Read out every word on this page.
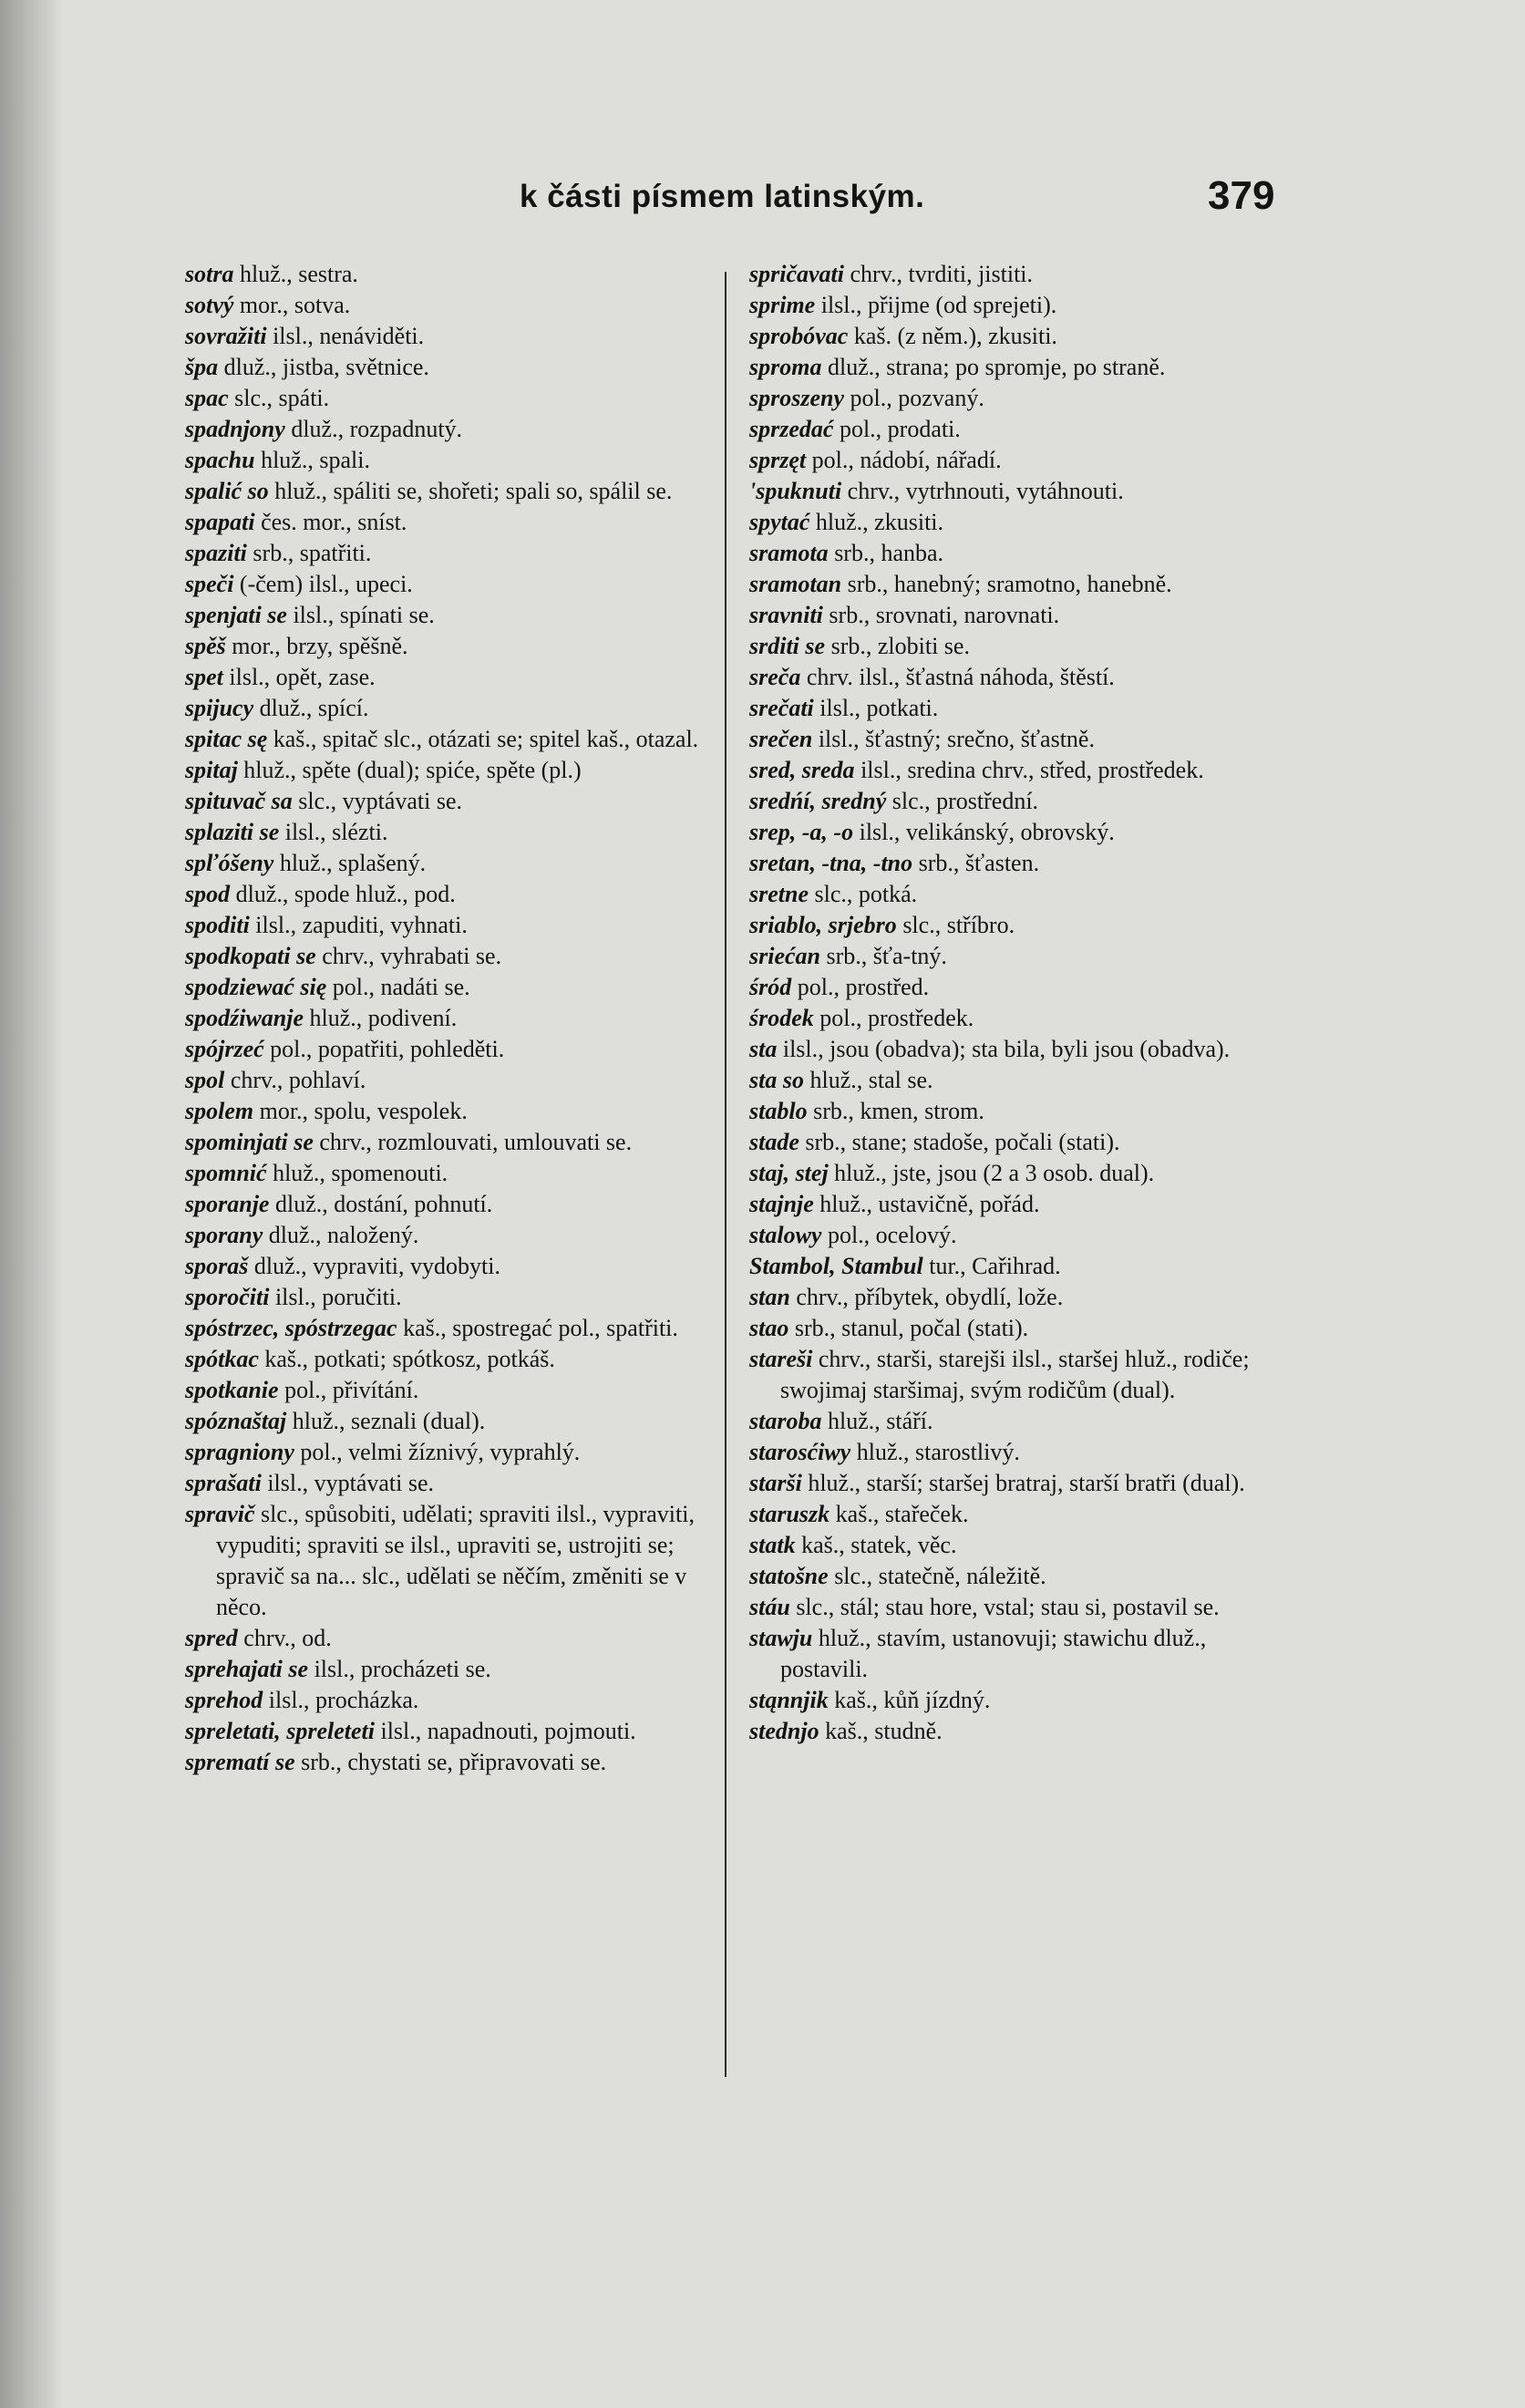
k části písmem latinským.	379

sotra hluž., sestra.

sotvý mor., sotva.

sovražiti ilsl., nenáviděti.

špa dluž., jistba, světnice.

spac slc., spáti.

spadnjony dluž., rozpadnutý.

spachu hluž., spali.

spalić so hluž., spáliti se, shořeti; spali so, spálil se.

spapati čes. mor., sníst.

spaziti srb., spatřiti.

speči (-čem) ilsl., upeci.

spenjati se ilsl., spínati se.

spěš mor., brzy, spěšně.

spet ilsl., opět, zase.

spijucy dluž., spící.

spitac sę kaš., spitač slc., otázati se; spitel kaš., otazal.

spitaj hluž., spěte (dual); spiće, spěte (pl.)

spituvač sa slc., vyptávati se.

splaziti se ilsl., slézti.

spľóšeny hluž., splašený.

spod dluž., spode hluž., pod.

spoditi ilsl., zapuditi, vyhnati.

spodkopati se chrv., vyhrabati se.

spodziewać się pol., nadáti se.

spodźiwanje hluž., podivení.

spójrzeć pol., popatřiti, pohleděti.

spol chrv., pohlaví.

spolem mor., spolu, vespolek.

spominjati se chrv., rozmlouvati, umlouvati se.

spomnić hluž., spomenouti.

sporanje dluž., dostání, pohnutí.

sporany dluž., naložený.

sporaš dluž., vypraviti, vydobyti.

sporočiti ilsl., poručiti.

spóstrzec, spóstrzegac kaš., spostregać pol., spatřiti.

spótkac kaš., potkati; spótkosz, potkáš.

spotkanie pol., přivítání.

spóznaštaj hluž., seznali (dual).

spragniony pol., velmi žíznivý, vyprahlý.

sprašati ilsl., vyptávati se.

spravič slc., spůsobiti, udělati; spraviti ilsl., vypraviti, vypuditi; spraviti se ilsl., upraviti se, ustrojiti se; spravič sa na... slc., udělati se něčím, změniti se v něco.

spred chrv., od.

sprehajati se ilsl., procházeti se.

sprehod ilsl., procházka.

spreletati, spreleteti ilsl., napadnouti, pojmouti.

sprematí se srb., chystati se, připravovati se.

spričavati chrv., tvrditi, jistiti.

sprime ilsl., přijme (od sprejeti).

sprobóvac kaš. (z něm.), zkusiti.

sproma dluž., strana; po spromje, po straně.

sproszeny pol., pozvaný.

sprzedać pol., prodati.

sprzęt pol., nádobí, nářadí.

'spuknuti chrv., vytrhnouti, vytáhnouti.

spytać hluž., zkusiti.

sramota srb., hanba.

sramotan srb., hanebný; sramotno, hanebně.

sravniti srb., srovnati, narovnati.

srditi se srb., zlobiti se.

sreča chrv. ilsl., šťastná náhoda, štěstí.

srečati ilsl., potkati.

srečen ilsl., šťastný; srečno, šťastně.

sred, sreda ilsl., sredina chrv., střed, prostředek.

sredńí, sredný slc., prostřední.

srep, -a, -o ilsl., velikánský, obrovský.

sretan, -tna, -tno srb., šťasten.

sretne slc., potká.

sriablo, srjebro slc., stříbro.

sriećan srb., šťa-tný.

śród pol., prostřed.

środek pol., prostředek.

sta ilsl., jsou (obadva); sta bila, byli jsou (obadva).

sta so hluž., stal se.

stablo srb., kmen, strom.

stade srb., stane; stadoše, počali (stati).

staj, stej hluž., jste, jsou (2 a 3 osob. dual).

stajnje hluž., ustavičně, pořád.

stalowy pol., ocelový.

Stambol, Stambul tur., Cařihrad.

stan chrv., příbytek, obydlí, lože.

stao srb., stanul, počal (stati).

stareši chrv., starši, starejši ilsl., staršej hluž., rodiče; swojimaj staršimaj, svým rodičům (dual).

staroba hluž., stáří.

starosćiwy hluž., starostlivý.

starši hluž., starší; staršej bratraj, starší bratři (dual).

staruszk kaš., stařeček.

statk kaš., statek, věc.

statošne slc., statečně, náležitě.

stáu slc., stál; stau hore, vstal; stau si, postavil se.

stawju hluž., stavím, ustanovuji; stawichu dluž., postavili.

stąnnjik kaš., kůň jízdný.

stednjo kaš., studně.
